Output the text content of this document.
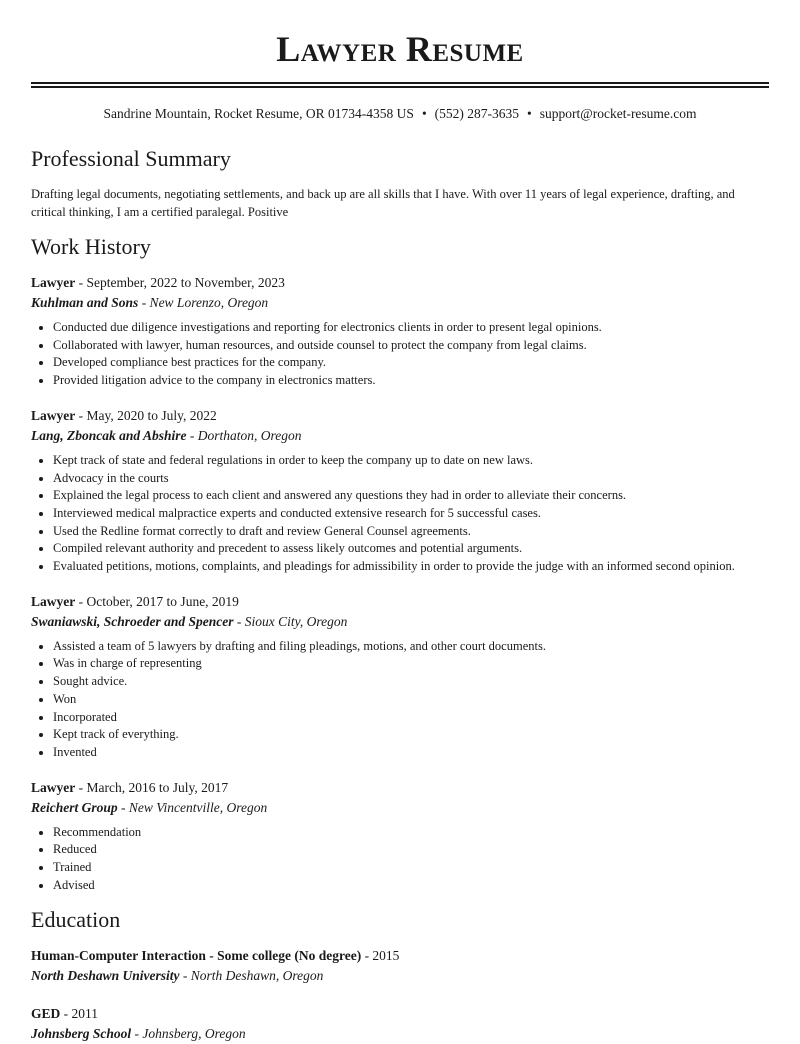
Lawyer Resume
Sandrine Mountain, Rocket Resume, OR 01734-4358 US • (552) 287-3635 • support@rocket-resume.com
Professional Summary

Drafting legal documents, negotiating settlements, and back up are all skills that I have. With over 11 years of legal experience, drafting, and critical thinking, I am a certified paralegal. Positive

Work History
Lawyer - September, 2022 to November, 2023
Kuhlman and Sons - New Lorenzo, Oregon
• Conducted due diligence investigations and reporting for electronics clients in order to present legal opinions.
• Collaborated with lawyer, human resources, and outside counsel to protect the company from legal claims.
• Developed compliance best practices for the company.
• Provided litigation advice to the company in electronics matters.
Lawyer - May, 2020 to July, 2022
Lang, Zboncak and Abshire - Dorthaton, Oregon
• Kept track of state and federal regulations in order to keep the company up to date on new laws.
• Advocacy in the courts
• Explained the legal process to each client and answered any questions they had in order to alleviate their concerns.
• Interviewed medical malpractice experts and conducted extensive research for 5 successful cases.
• Used the Redline format correctly to draft and review General Counsel agreements.
• Compiled relevant authority and precedent to assess likely outcomes and potential arguments.
• Evaluated petitions, motions, complaints, and pleadings for admissibility in order to provide the judge with an informed second opinion.
Lawyer - October, 2017 to June, 2019
Swaniawski, Schroeder and Spencer - Sioux City, Oregon
• Assisted a team of 5 lawyers by drafting and filing pleadings, motions, and other court documents.
• Was in charge of representing
• Sought advice.
• Won
• Incorporated
• Kept track of everything.
• Invented
Lawyer - March, 2016 to July, 2017
Reichert Group - New Vincentville, Oregon
• Recommendation
• Reduced
• Trained
• Advised
Education
Human-Computer Interaction - Some college (No degree) - 2015
North Deshawn University - North Deshawn, Oregon
GED - 2011
Johnsberg School - Johnsberg, Oregon
